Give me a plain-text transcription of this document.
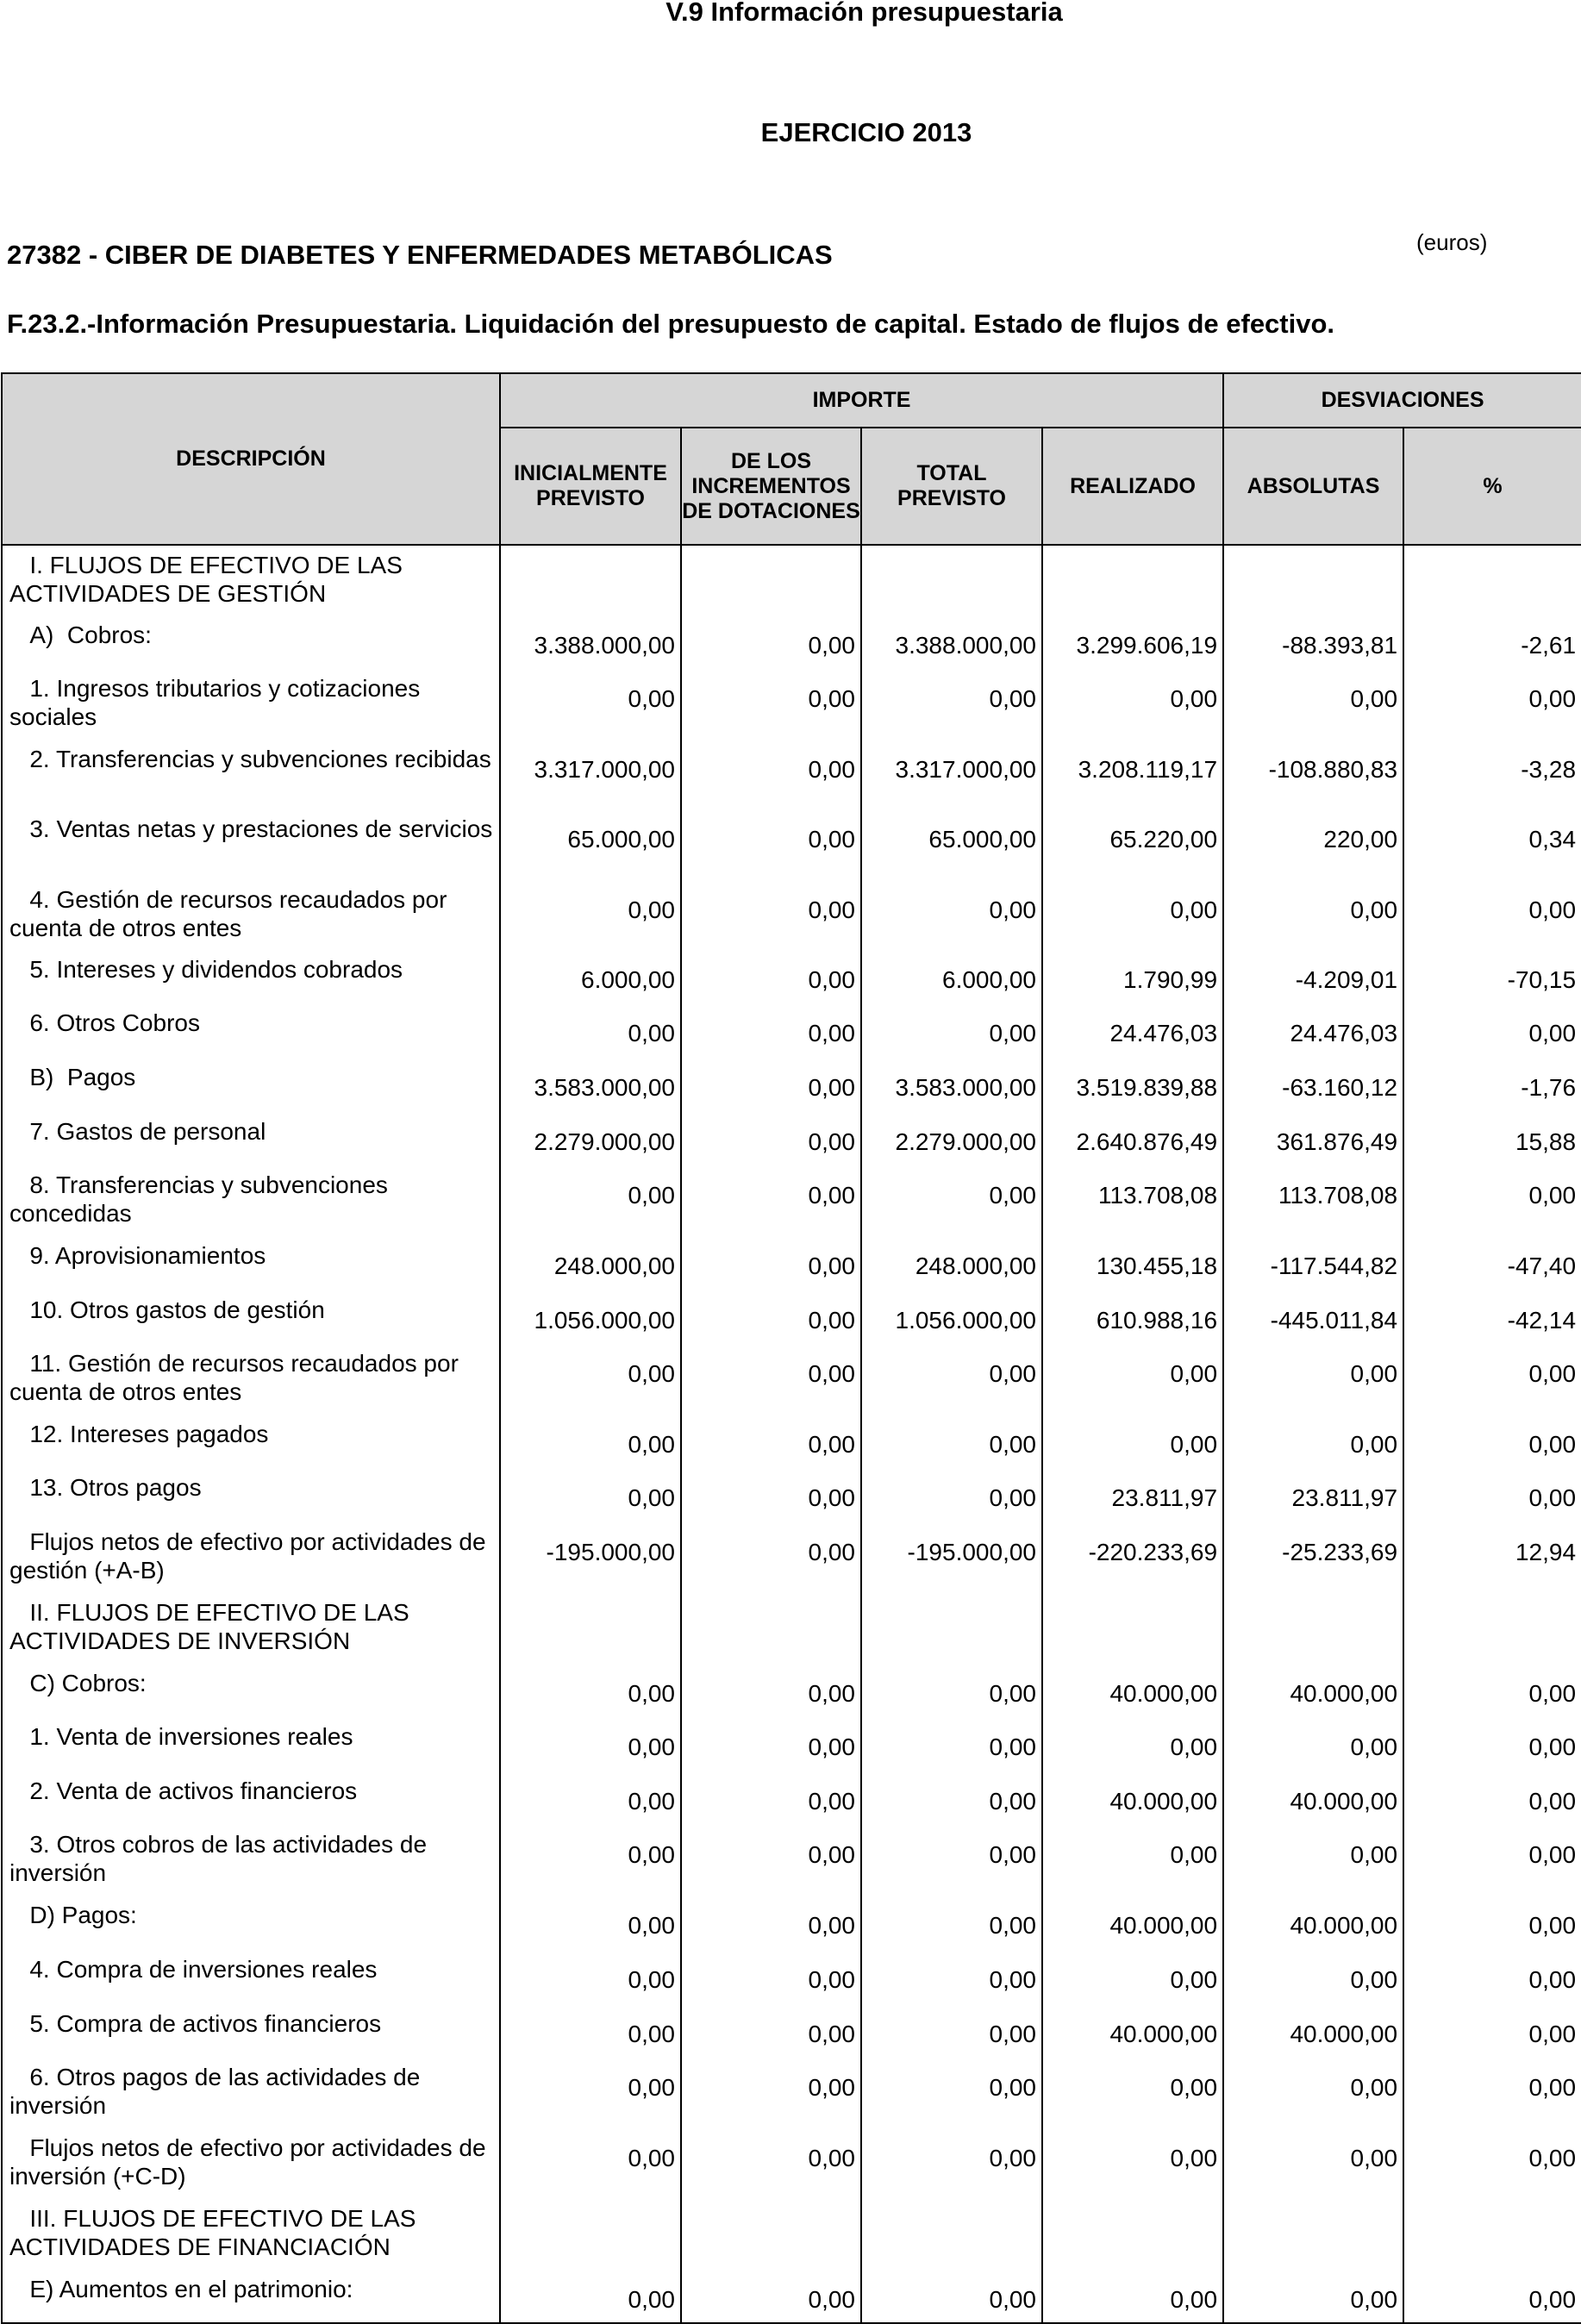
V.9 Información presupuestaria
EJERCICIO 2013
27382 - CIBER DE DIABETES Y ENFERMEDADES METABÓLICAS	(euros)
F.23.2.-Información Presupuestaria. Liquidación del presupuesto de capital. Estado de flujos de efectivo.
DESCRIPCIÓN	IMPORTE				DESVIACIONES	
	INICIALMENTE PREVISTO	DE LOS INCREMENTOS DE DOTACIONES	TOTAL PREVISTO	REALIZADO	ABSOLUTAS	%
I. FLUJOS DE EFECTIVO DE LAS ACTIVIDADES DE GESTIÓN						
A)  Cobros:	3.388.000,00	0,00	3.388.000,00	3.299.606,19	-88.393,81	-2,61
1. Ingresos tributarios y cotizaciones sociales	0,00	0,00	0,00	0,00	0,00	0,00
2. Transferencias y subvenciones recibidas	3.317.000,00	0,00	3.317.000,00	3.208.119,17	-108.880,83	-3,28
3. Ventas netas y prestaciones de servicios	65.000,00	0,00	65.000,00	65.220,00	220,00	0,34
4. Gestión de recursos recaudados por cuenta de otros entes	0,00	0,00	0,00	0,00	0,00	0,00
5. Intereses y dividendos cobrados	6.000,00	0,00	6.000,00	1.790,99	-4.209,01	-70,15
6. Otros Cobros	0,00	0,00	0,00	24.476,03	24.476,03	0,00
B)  Pagos	3.583.000,00	0,00	3.583.000,00	3.519.839,88	-63.160,12	-1,76
7. Gastos de personal	2.279.000,00	0,00	2.279.000,00	2.640.876,49	361.876,49	15,88
8. Transferencias y subvenciones concedidas	0,00	0,00	0,00	113.708,08	113.708,08	0,00
9. Aprovisionamientos	248.000,00	0,00	248.000,00	130.455,18	-117.544,82	-47,40
10. Otros gastos de gestión	1.056.000,00	0,00	1.056.000,00	610.988,16	-445.011,84	-42,14
11. Gestión de recursos recaudados por cuenta de otros entes	0,00	0,00	0,00	0,00	0,00	0,00
12. Intereses pagados	0,00	0,00	0,00	0,00	0,00	0,00
13. Otros pagos	0,00	0,00	0,00	23.811,97	23.811,97	0,00
Flujos netos de efectivo por actividades de gestión (+A-B)	-195.000,00	0,00	-195.000,00	-220.233,69	-25.233,69	12,94
II. FLUJOS DE EFECTIVO DE LAS ACTIVIDADES DE INVERSIÓN						
C) Cobros:	0,00	0,00	0,00	40.000,00	40.000,00	0,00
1. Venta de inversiones reales	0,00	0,00	0,00	0,00	0,00	0,00
2. Venta de activos financieros	0,00	0,00	0,00	40.000,00	40.000,00	0,00
3. Otros cobros de las actividades de inversión	0,00	0,00	0,00	0,00	0,00	0,00
D) Pagos:	0,00	0,00	0,00	40.000,00	40.000,00	0,00
4. Compra de inversiones reales	0,00	0,00	0,00	0,00	0,00	0,00
5. Compra de activos financieros	0,00	0,00	0,00	40.000,00	40.000,00	0,00
6. Otros pagos de las actividades de inversión	0,00	0,00	0,00	0,00	0,00	0,00
Flujos netos de efectivo por actividades de inversión (+C-D)	0,00	0,00	0,00	0,00	0,00	0,00
III. FLUJOS DE EFECTIVO DE LAS ACTIVIDADES DE FINANCIACIÓN						
E) Aumentos en el patrimonio:	0,00	0,00	0,00	0,00	0,00	0,00
